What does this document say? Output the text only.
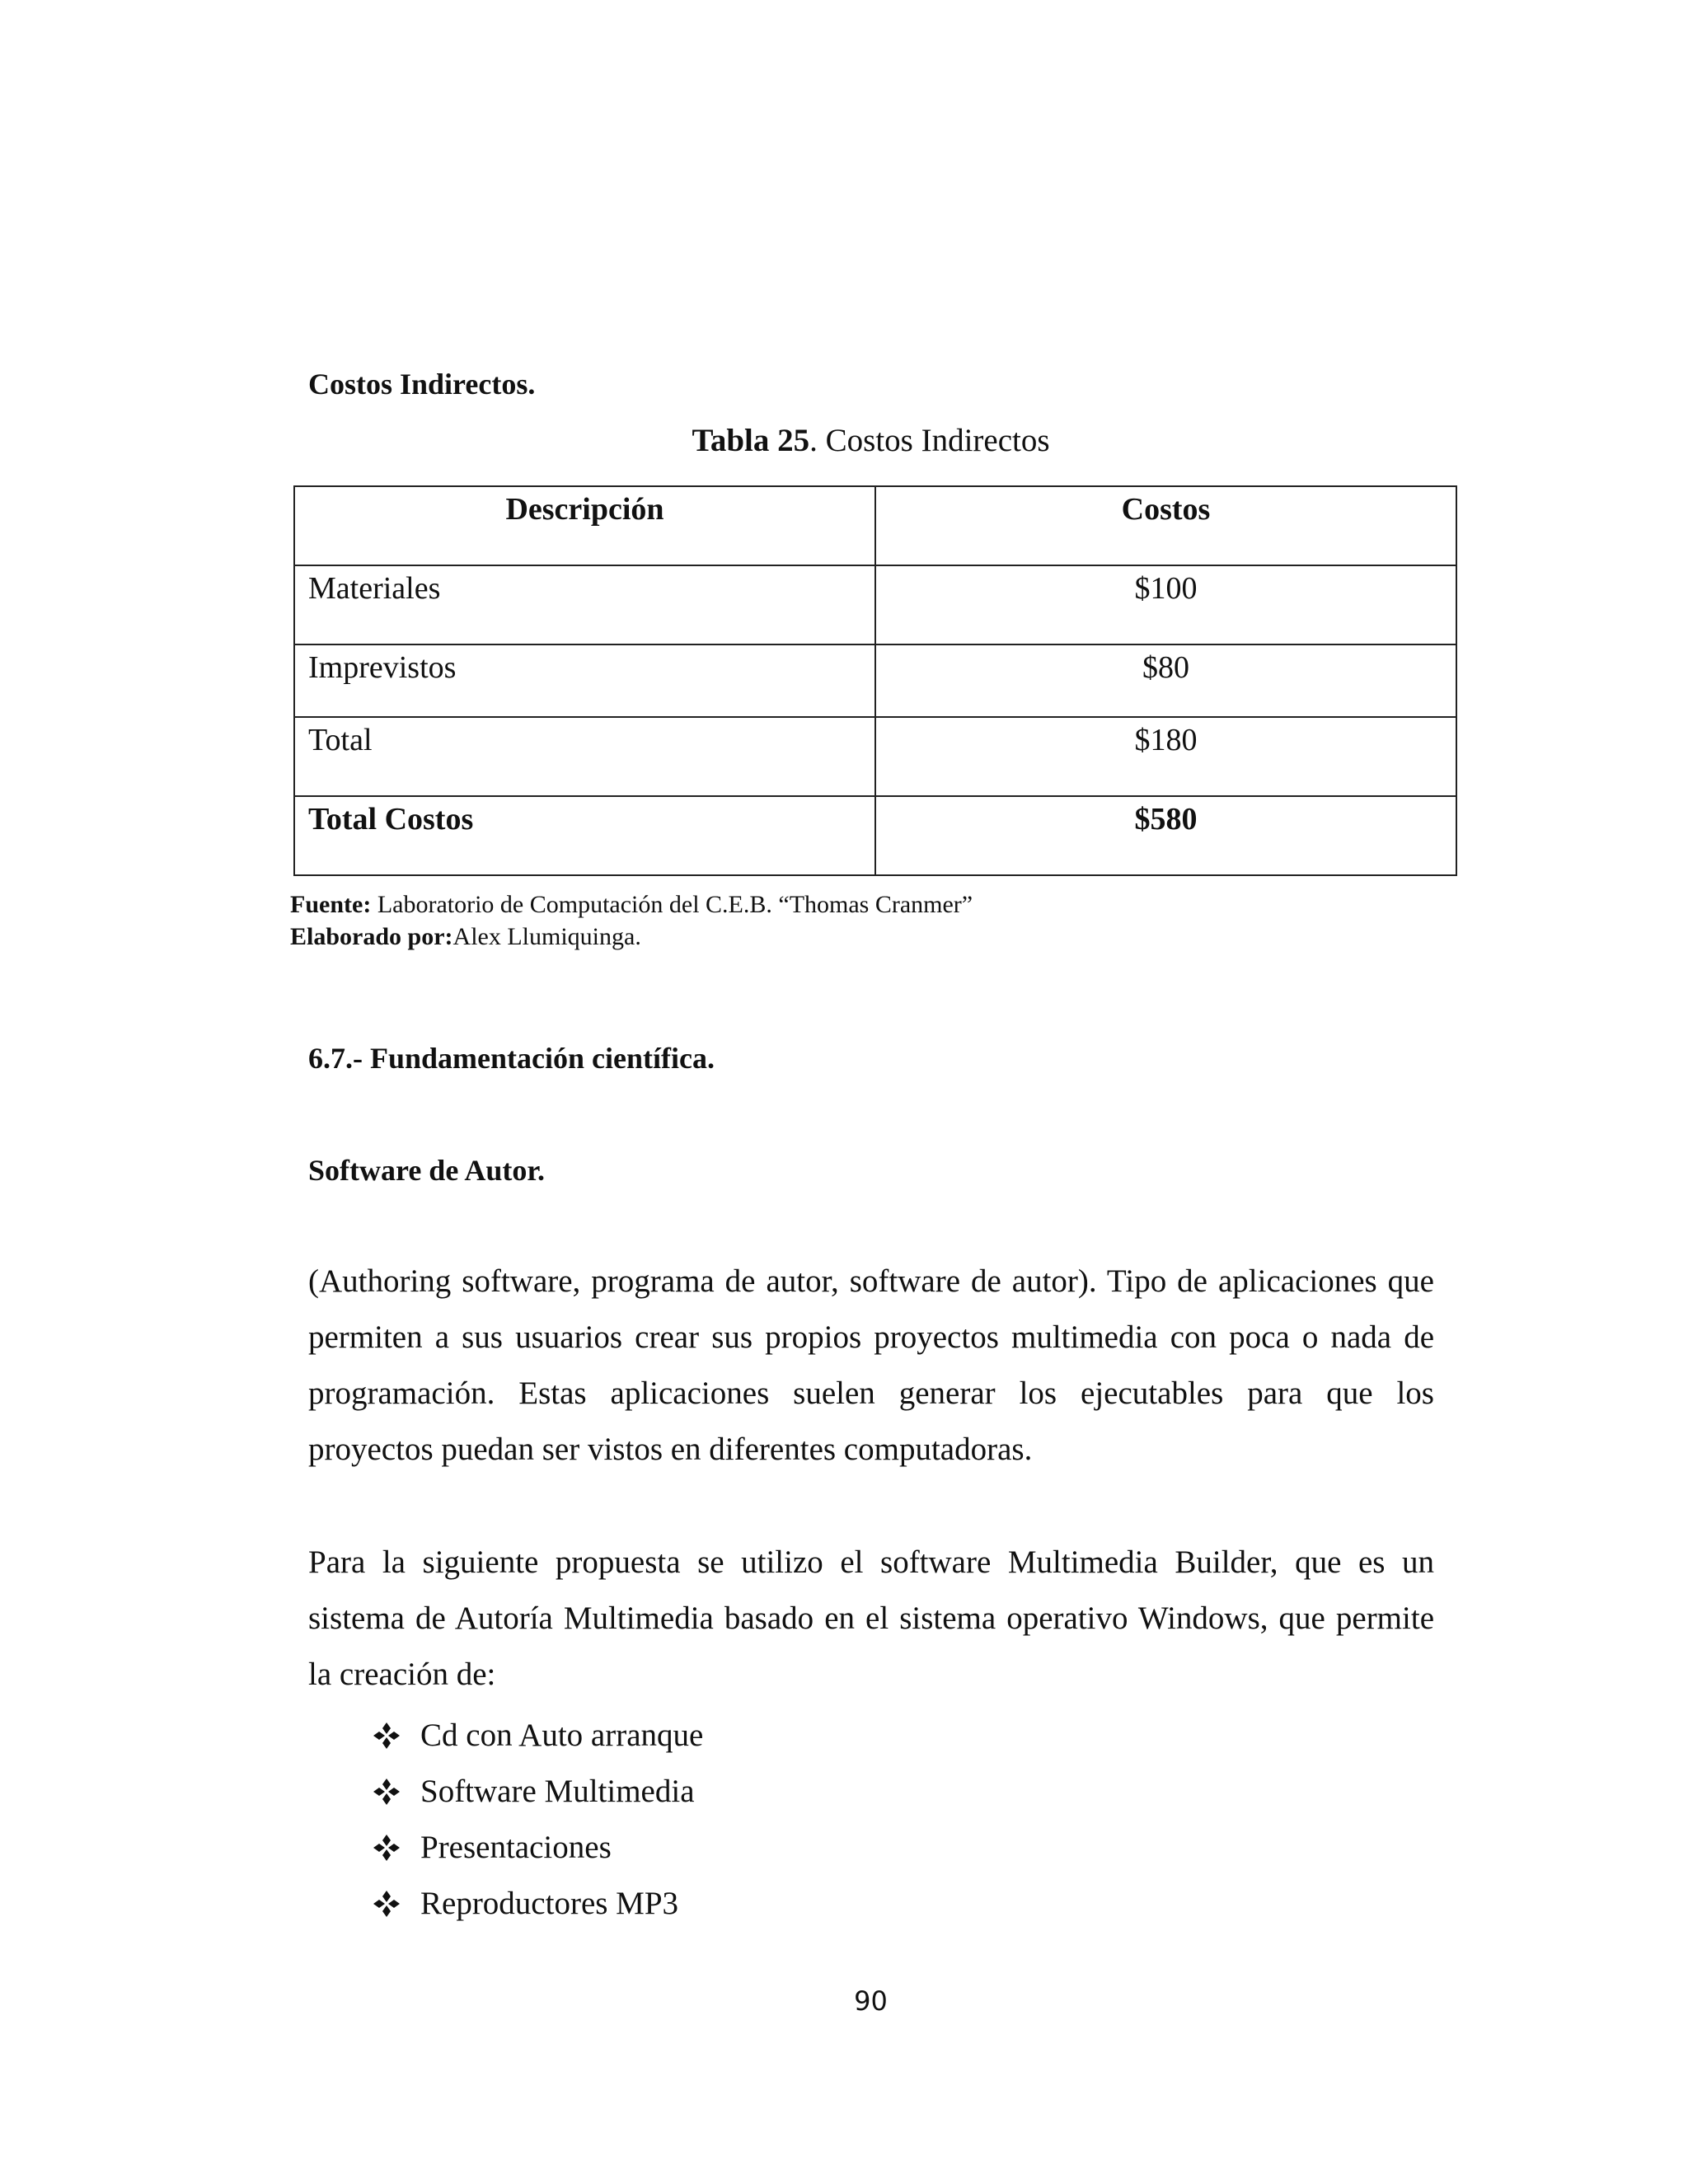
Costos Indirectos.
Tabla 25. Costos Indirectos
Descripción	Costos
Materiales	$100
Imprevistos	$80
Total	$180
Total Costos	$580
Fuente: Laboratorio de Computación del C.E.B. “Thomas Cranmer”
Elaborado por:Alex Llumiquinga.
6.7.- Fundamentación científica.
Software de Autor.
(Authoring software, programa de autor, software de autor). Tipo de aplicaciones que
permiten a sus usuarios crear sus propios proyectos multimedia con poca o nada de
programación. Estas aplicaciones suelen generar los ejecutables para que los
proyectos puedan ser vistos en diferentes computadoras.
Para la siguiente propuesta se utilizo el software Multimedia Builder, que es un
sistema de Autoría Multimedia basado en el sistema operativo Windows, que permite
la creación de:
Cd con Auto arranque
Software Multimedia
Presentaciones
Reproductores MP3
90
